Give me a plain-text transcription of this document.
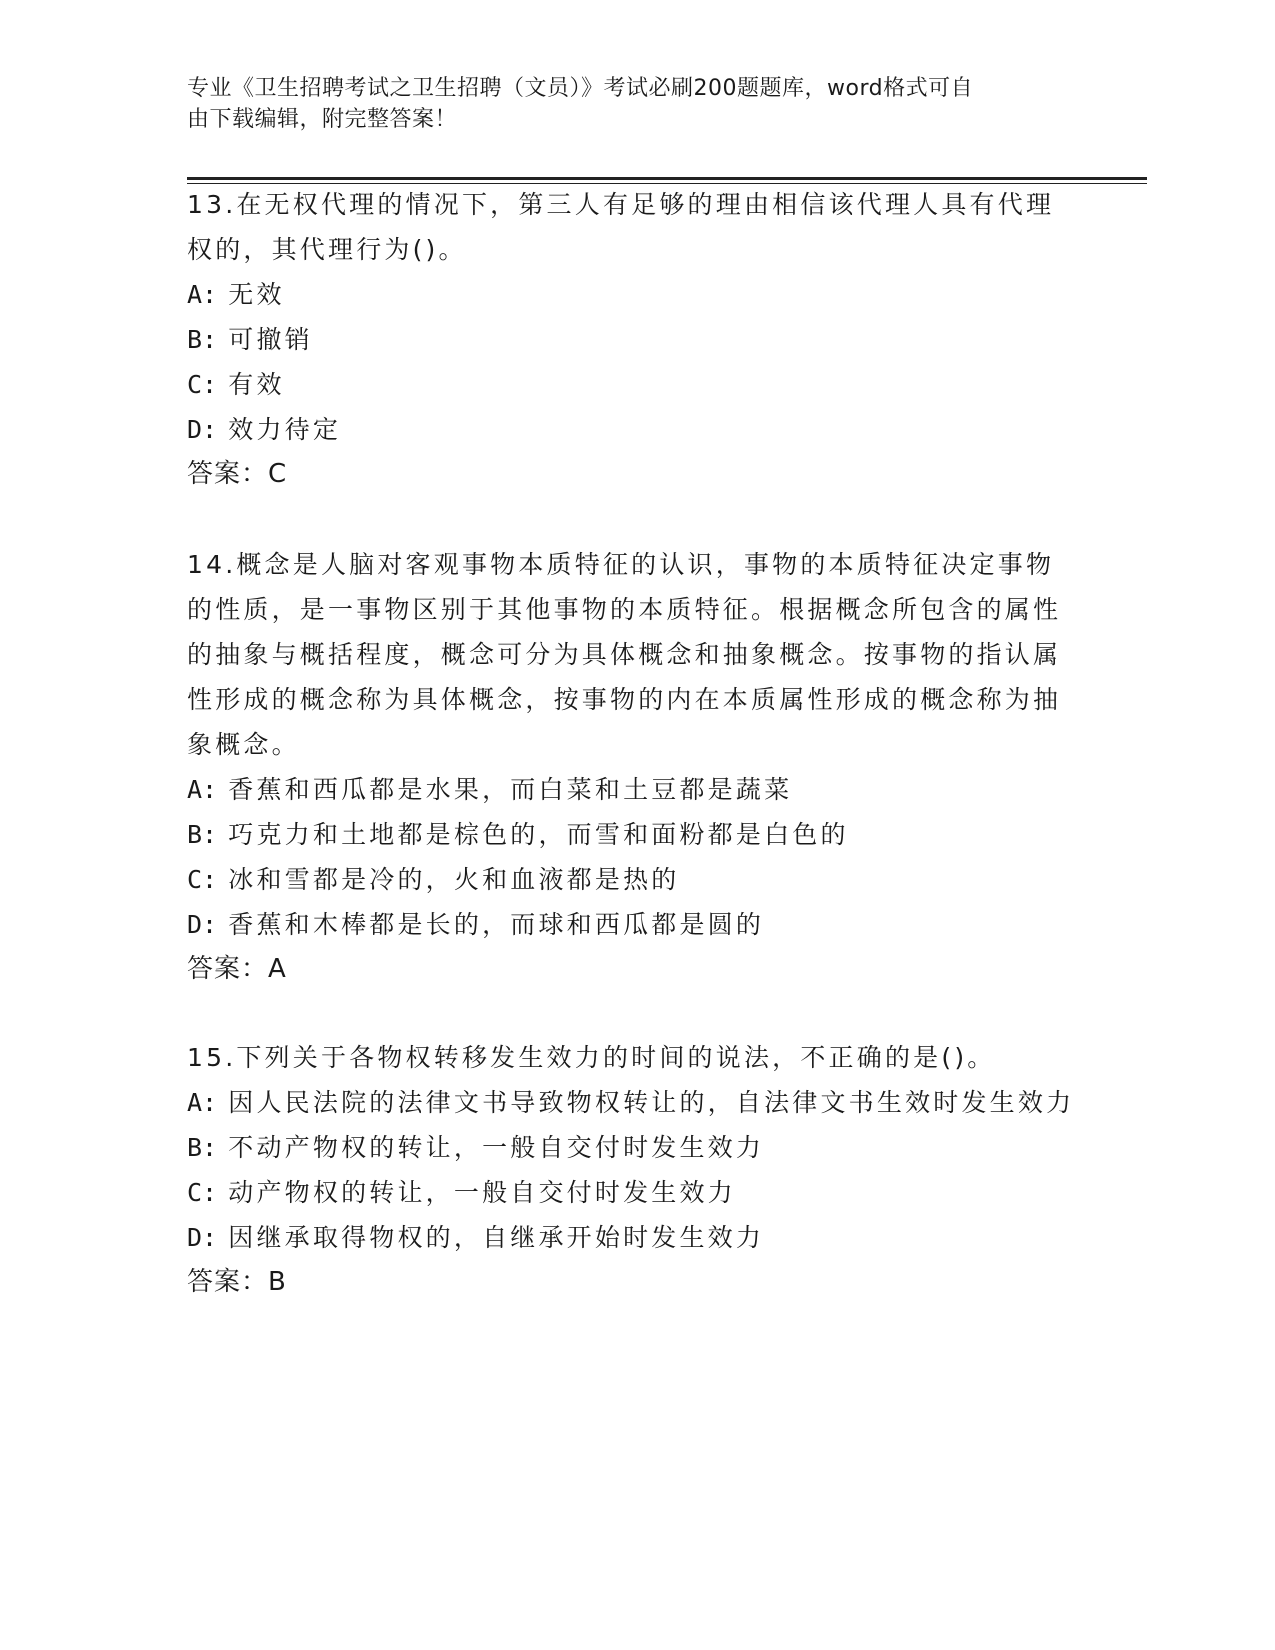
专业《卫生招聘考试之卫生招聘（文员）》考试必刷200题题库，word格式可自
由下载编辑，附完整答案！

13.在无权代理的情况下，第三人有足够的理由相信该代理人具有代理权的，其代理行为()。

A: 无效

B: 可撤销

C: 有效

D: 效力待定

答案：C

14.概念是人脑对客观事物本质特征的认识，事物的本质特征决定事物的性质，是一事物区别于其他事物的本质特征。根据概念所包含的属性的抽象与概括程度，概念可分为具体概念和抽象概念。按事物的指认属性形成的概念称为具体概念，按事物的内在本质属性形成的概念称为抽象概念。

A: 香蕉和西瓜都是水果，而白菜和土豆都是蔬菜

B: 巧克力和土地都是棕色的，而雪和面粉都是白色的

C: 冰和雪都是冷的，火和血液都是热的

D: 香蕉和木棒都是长的，而球和西瓜都是圆的

答案：A

15.下列关于各物权转移发生效力的时间的说法，不正确的是()。

A: 因人民法院的法律文书导致物权转让的，自法律文书生效时发生效力

B: 不动产物权的转让，一般自交付时发生效力

C: 动产物权的转让，一般自交付时发生效力

D: 因继承取得物权的，自继承开始时发生效力

答案：B
